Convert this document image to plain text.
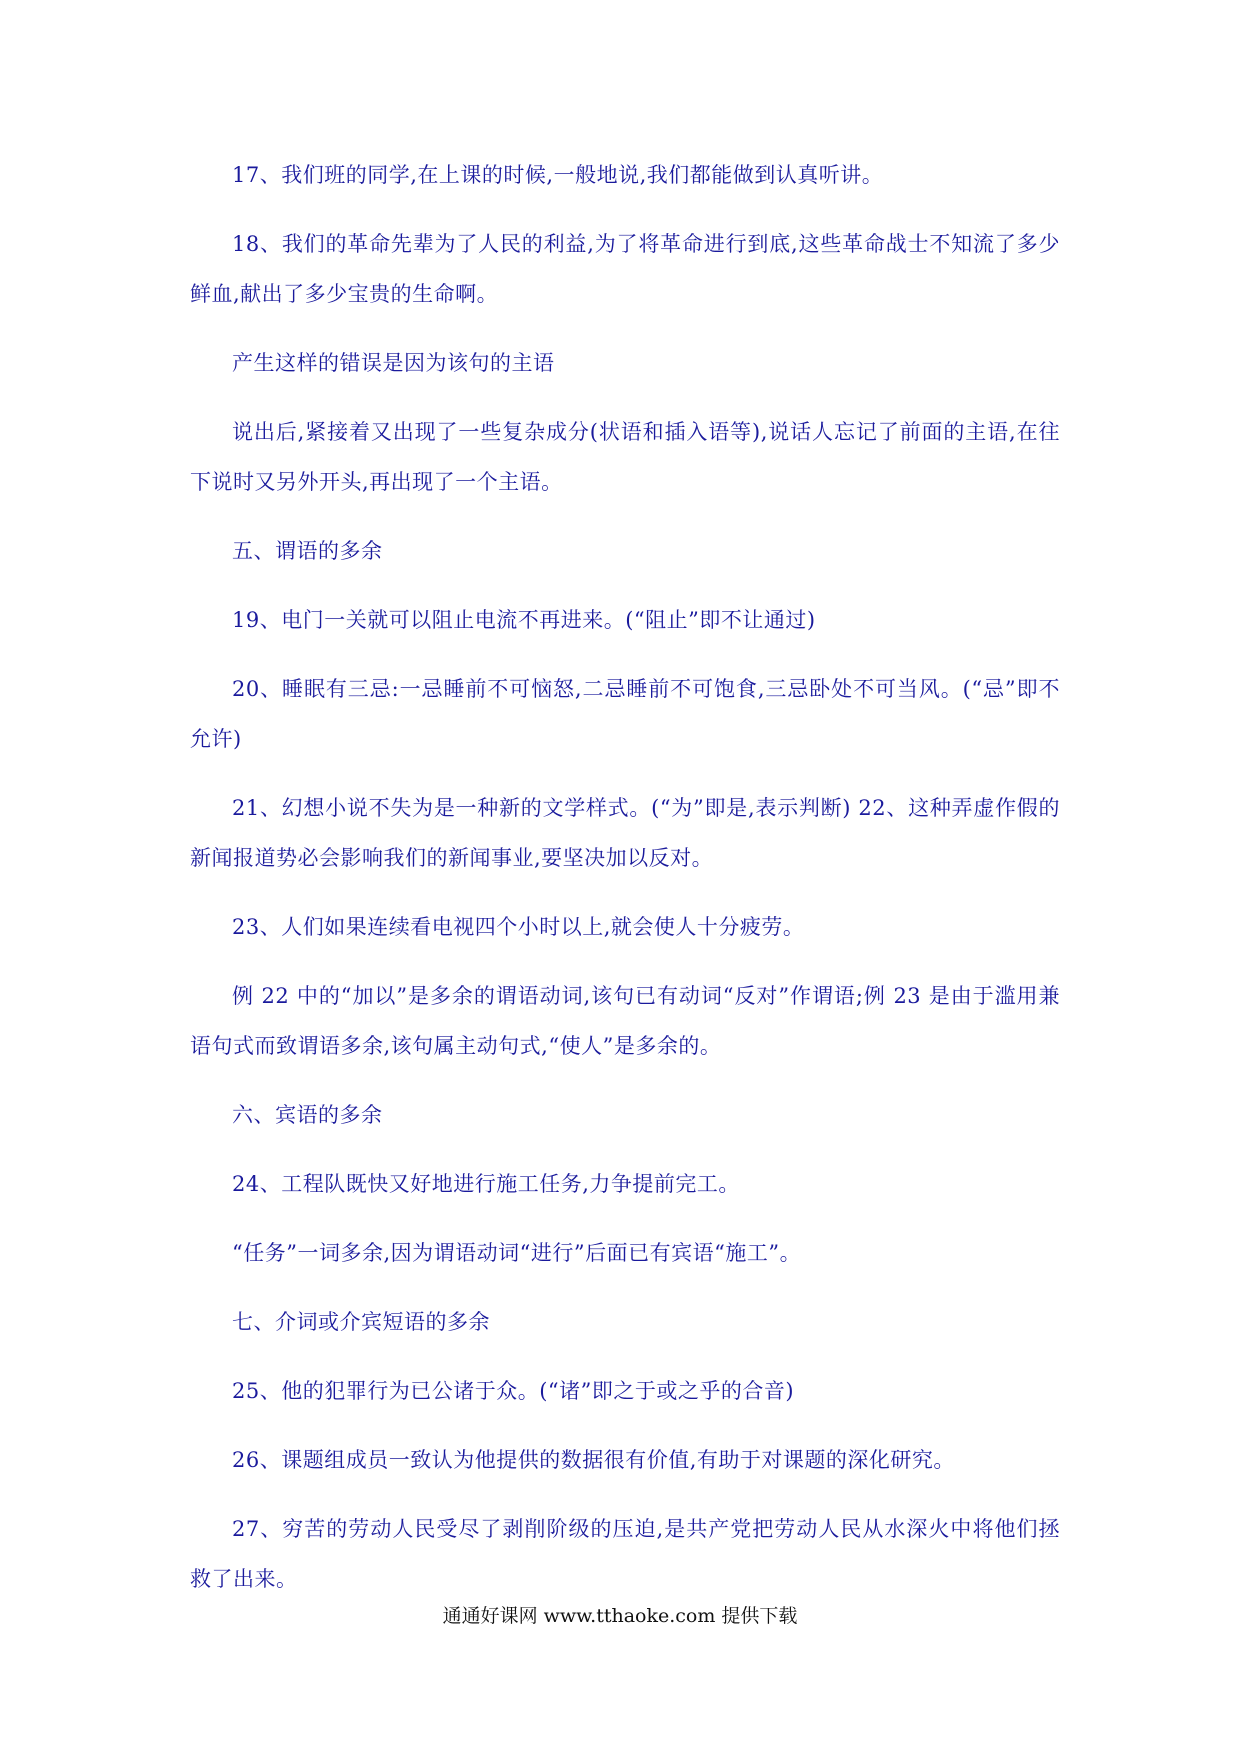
17、我们班的同学,在上课的时候,一般地说,我们都能做到认真听讲。

18、我们的革命先辈为了人民的利益,为了将革命进行到底,这些革命战士不知流了多少鲜血,献出了多少宝贵的生命啊。

产生这样的错误是因为该句的主语

说出后,紧接着又出现了一些复杂成分(状语和插入语等),说话人忘记了前面的主语,在往下说时又另外开头,再出现了一个主语。

五、谓语的多余

19、电门一关就可以阻止电流不再进来。(“阻止”即不让通过)

20、睡眠有三忌:一忌睡前不可恼怒,二忌睡前不可饱食,三忌卧处不可当风。(“忌”即不允许)

21、幻想小说不失为是一种新的文学样式。(“为”即是,表示判断) 22、这种弄虚作假的新闻报道势必会影响我们的新闻事业,要坚决加以反对。

23、人们如果连续看电视四个小时以上,就会使人十分疲劳。

例 22 中的“加以”是多余的谓语动词,该句已有动词“反对”作谓语;例 23 是由于滥用兼语句式而致谓语多余,该句属主动句式,“使人”是多余的。

六、宾语的多余

24、工程队既快又好地进行施工任务,力争提前完工。

“任务”一词多余,因为谓语动词“进行”后面已有宾语“施工”。

七、介词或介宾短语的多余

25、他的犯罪行为已公诸于众。(“诸”即之于或之乎的合音)

26、课题组成员一致认为他提供的数据很有价值,有助于对课题的深化研究。

27、穷苦的劳动人民受尽了剥削阶级的压迫,是共产党把劳动人民从水深火中将他们拯救了出来。

通通好课网 www.tthaoke.com 提供下载
